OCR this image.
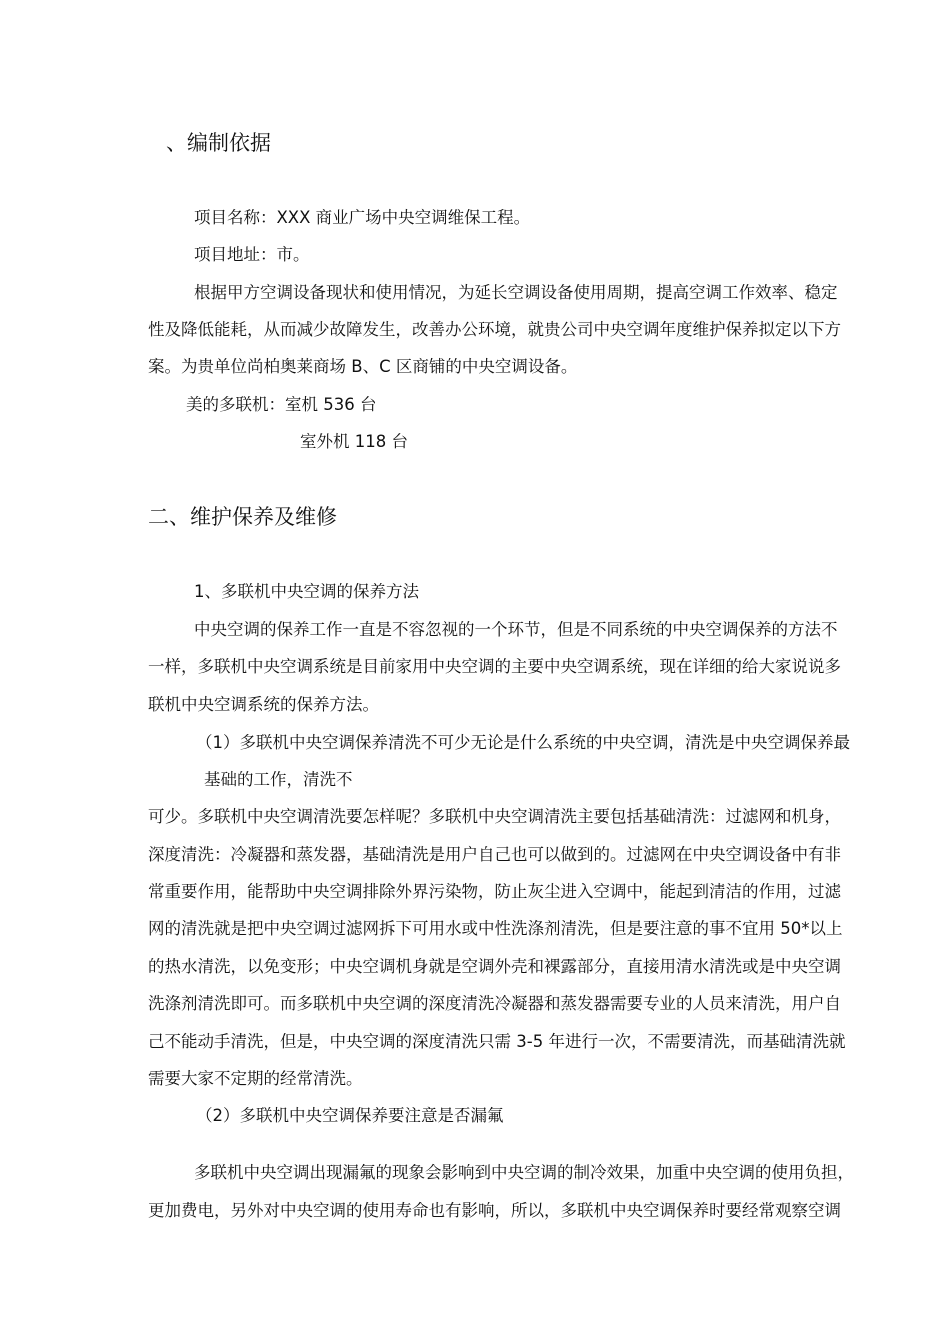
、编制依据
项目名称：XXX 商业广场中央空调维保工程。
项目地址：市。
根据甲方空调设备现状和使用情况，为延长空调设备使用周期，提高空调工作效率、稳定
性及降低能耗，从而减少故障发生，改善办公环境，就贵公司中央空调年度维护保养拟定以下方
案。为贵单位尚柏奥莱商场 B、C 区商铺的中央空调设备。
美的多联机：室机 536 台
室外机 118 台
二、维护保养及维修
1、多联机中央空调的保养方法
中央空调的保养工作一直是不容忽视的一个环节，但是不同系统的中央空调保养的方法不
一样，多联机中央空调系统是目前家用中央空调的主要中央空调系统，现在详细的给大家说说多
联机中央空调系统的保养方法。
（1）多联机中央空调保养清洗不可少无论是什么系统的中央空调，清洗是中央空调保养最
基础的工作，清洗不
可少。多联机中央空调清洗要怎样呢？多联机中央空调清洗主要包括基础清洗：过滤网和机身，
深度清洗：冷凝器和蒸发器，基础清洗是用户自己也可以做到的。过滤网在中央空调设备中有非
常重要作用，能帮助中央空调排除外界污染物，防止灰尘进入空调中，能起到清洁的作用，过滤
网的清洗就是把中央空调过滤网拆下可用水或中性洗涤剂清洗，但是要注意的事不宜用 50*以上
的热水清洗，以免变形；中央空调机身就是空调外壳和裸露部分，直接用清水清洗或是中央空调
洗涤剂清洗即可。而多联机中央空调的深度清洗冷凝器和蒸发器需要专业的人员来清洗，用户自
己不能动手清洗，但是，中央空调的深度清洗只需 3-5 年进行一次，不需要清洗，而基础清洗就
需要大家不定期的经常清洗。
（2）多联机中央空调保养要注意是否漏氟
多联机中央空调出现漏氟的现象会影响到中央空调的制冷效果，加重中央空调的使用负担，
更加费电，另外对中央空调的使用寿命也有影响，所以，多联机中央空调保养时要经常观察空调
